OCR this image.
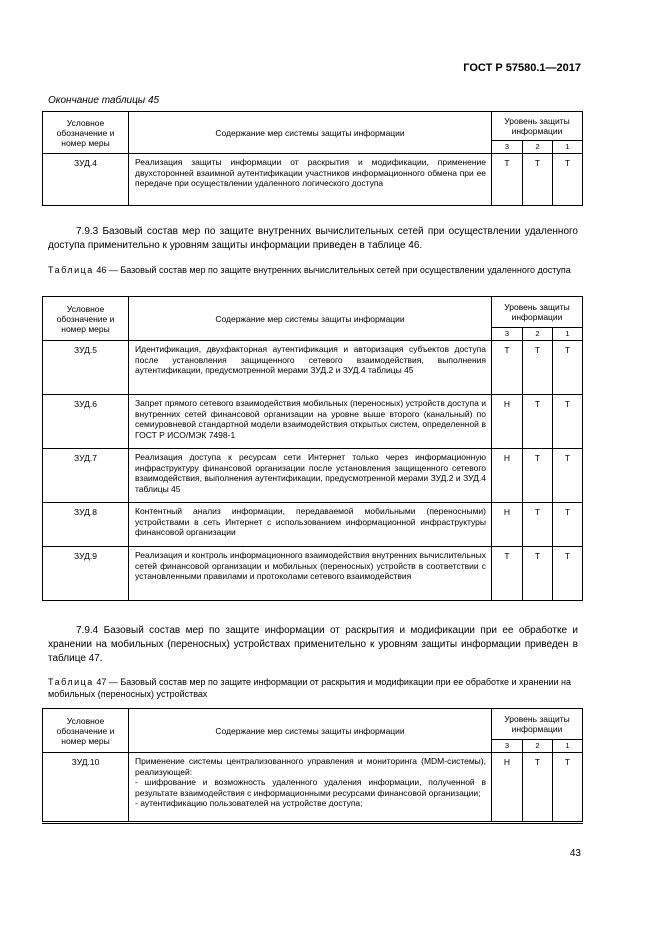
ГОСТ Р 57580.1—2017
Окончание таблицы 45
Условное обозначение и номер меры	Содержание мер системы защиты информации	Уровень защиты информации		
		3	2	1
ЗУД.4	Реализация защиты информации от раскрытия и модификации, применение двухсторонней взаимной аутентификации участников информационного обмена при ее передаче при осуществлении удаленного логического доступа	Т	Т	Т
7.9.3 Базовый состав мер по защите внутренних вычислительных сетей при осуществлении удаленного доступа применительно к уровням защиты информации приведен в таблице 46.
Таблица 46 — Базовый состав мер по защите внутренних вычислительных сетей при осуществлении удаленного доступа
Условное обозначение и номер меры	Содержание мер системы защиты информации	Уровень защиты информации		
		3	2	1
ЗУД.5	Идентификация, двухфакторная аутентификация и авторизация субъектов доступа после установления защищенного сетевого взаимодействия, выполнения аутентификации, предусмотренной мерами ЗУД.2 и ЗУД.4 таблицы 45	Т	Т	Т
ЗУД.6	Запрет прямого сетевого взаимодействия мобильных (переносных) устройств доступа и внутренних сетей финансовой организации на уровне выше второго (канальный) по семиуровневой стандартной модели взаимодействия открытых систем, определенной в ГОСТ Р ИСО/МЭК 7498-1	Н	Т	Т
ЗУД.7	Реализация доступа к ресурсам сети Интернет только через информационную инфраструктуру финансовой организации после установления защищенного сетевого взаимодействия, выполнения аутентификации, предусмотренной мерами ЗУД.2 и ЗУД.4 таблицы 45	Н	Т	Т
ЗУД.8	Контентный анализ информации, передаваемой мобильными (переносными) устройствами в сеть Интернет с использованием информационной инфраструктуры финансовой организации	Н	Т	Т
ЗУД.9	Реализация и контроль информационного взаимодействия внутренних вычислительных сетей финансовой организации и мобильных (переносных) устройств в соответствии с установленными правилами и протоколами сетевого взаимодействия	Т	Т	Т
7.9.4 Базовый состав мер по защите информации от раскрытия и модификации при ее обработке и хранении на мобильных (переносных) устройствах применительно к уровням защиты информации приведен в таблице 47.
Таблица 47 — Базовый состав мер по защите информации от раскрытия и модификации при ее обработке и хранении на мобильных (переносных) устройствах
Условное обозначение и номер меры	Содержание мер системы защиты информации	Уровень защиты информации		
		3	2	1
ЗУД.10	Применение системы централизованного управления и мониторинга (MDM-системы), реализующей:
- шифрование и возможность удаленного удаления информации, полученной в результате взаимодействия с информационными ресурсами финансовой организации;
- аутентификацию пользователей на устройстве доступа;	Н	Т	Т
43
